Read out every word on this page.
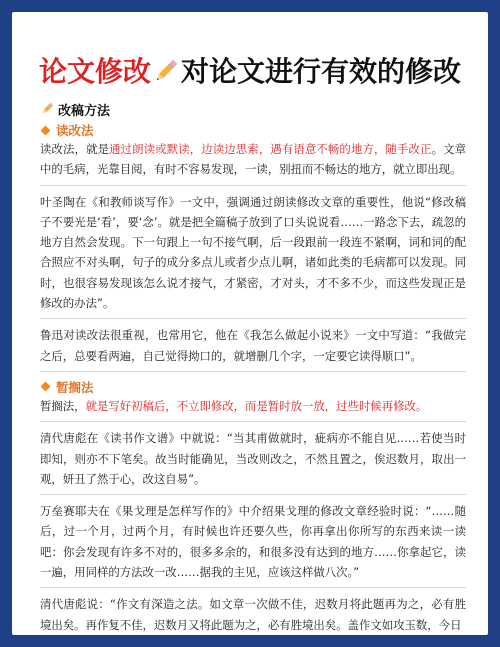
论文修改 对论文进行有效的修改
改稿方法
读改法

读改法，就是通过朗读或默读，边读边思索，遇有语意不畅的地方，随手改正。文章中的毛病，光靠目阅，有时不容易发现，一读，别扭而不畅达的地方，就立即出现。

叶圣陶在《和教师谈写作》一文中，强调通过朗读修改文章的重要性，他说“修改稿子不要光是‘看’，要‘念’。就是把全篇稿子放到了口头说说看……一路念下去，疏忽的地方自然会发现。下一句跟上一句不接气啊，后一段跟前一段连不紧啊，词和词的配合照应不对头啊，句子的成分多点儿或者少点儿啊，诸如此类的毛病都可以发现。同时，也很容易发现该怎么说才接气，才紧密，才对头，才不多不少，而这些发现正是修改的办法”。

鲁迅对读改法很重视，也常用它，他在《我怎么做起小说来》一文中写道：“我做完之后，总要看两遍，自己觉得拗口的，就增删几个字，一定要它读得顺口”。

暂搁法

暂搁法，就是写好初稿后，不立即修改，而是暂时放一放，过些时候再修改。

清代唐彪在《读书作文谱》中就说：“当其甫做就时，疵病亦不能自见……若使当时即知，则亦不下笔矣。故当时能确见，当改则改之，不然且置之，俟迟数月，取出一观，妍丑了然于心，改这自易”。

万垒赛耶夫在《果戈理是怎样写作的》中介绍果戈理的修改文章经验时说：“……随后，过一个月，过两个月，有时候也许还要久些，你再拿出你所写的东西来读一读吧：你会发现有许多不对的，很多多余的，和很多没有达到的地方……你拿起它，读一遍，用同样的方法改一改……据我的主见，应该这样做八次。”

清代唐彪说：“作文有深造之法。如文章一次做不佳，迟数月将此题再为之，必有胜境出矣。再作复不佳，迟数月又将此题为之，必有胜境出矣。盖作文如攻玉数，今日
